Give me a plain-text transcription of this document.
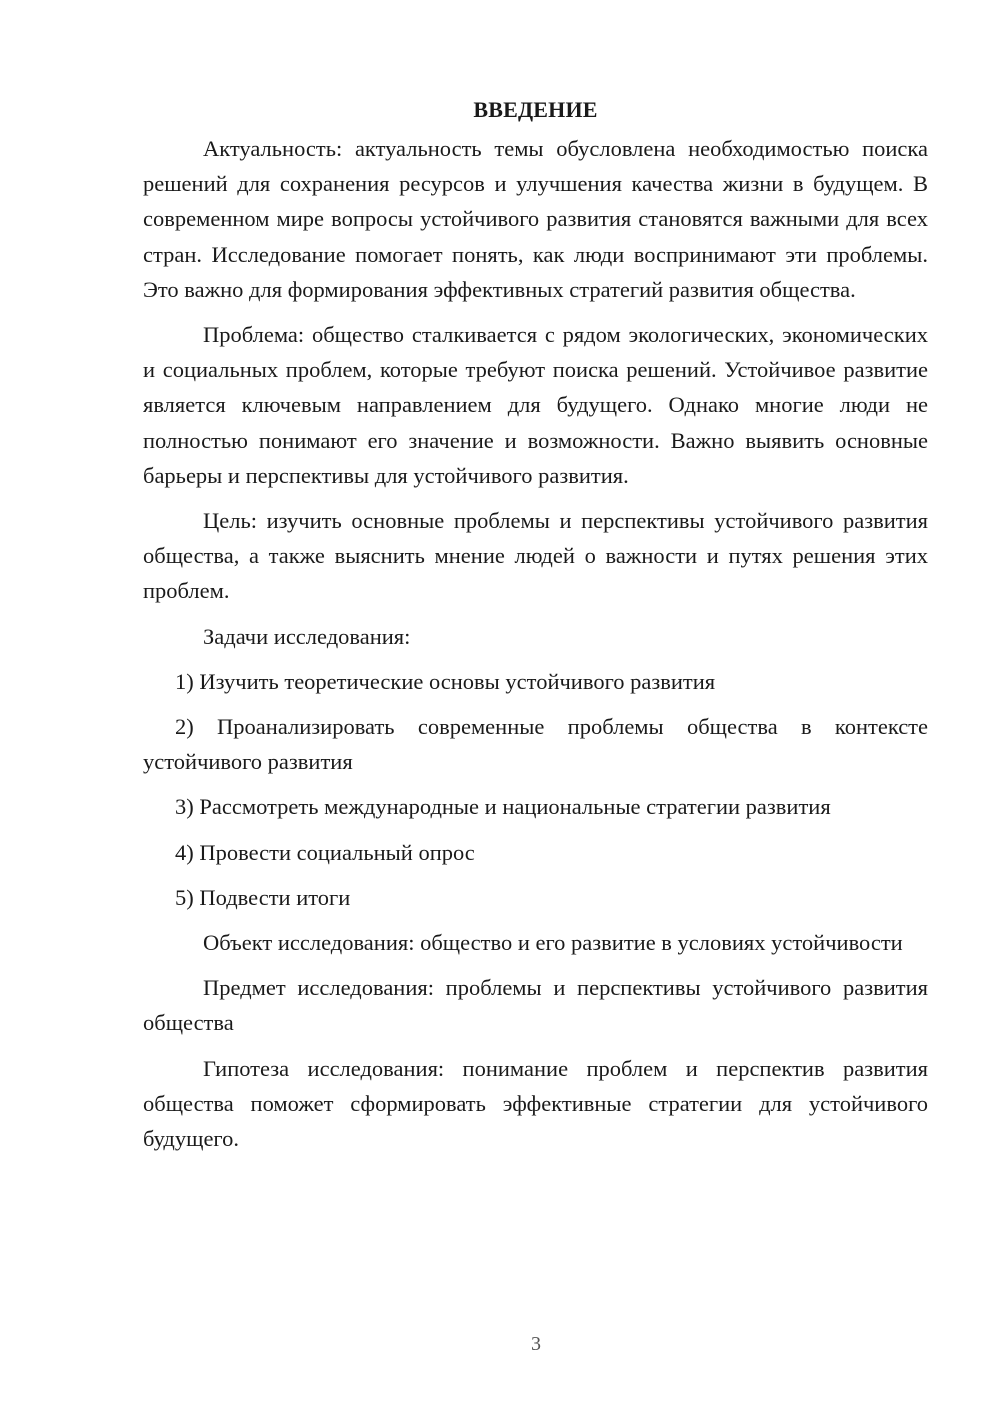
ВВЕДЕНИЕ

Актуальность: актуальность темы обусловлена необходимостью поиска решений для сохранения ресурсов и улучшения качества жизни в будущем. В современном мире вопросы устойчивого развития становятся важными для всех стран. Исследование помогает понять, как люди воспринимают эти проблемы. Это важно для формирования эффективных стратегий развития общества.

Проблема: общество сталкивается с рядом экологических, экономических и социальных проблем, которые требуют поиска решений. Устойчивое развитие является ключевым направлением для будущего. Однако многие люди не полностью понимают его значение и возможности. Важно выявить основные барьеры и перспективы для устойчивого развития.

Цель: изучить основные проблемы и перспективы устойчивого развития общества, а также выяснить мнение людей о важности и путях решения этих проблем.

Задачи исследования:

1) Изучить теоретические основы устойчивого развития

2) Проанализировать современные проблемы общества в контексте устойчивого развития

3) Рассмотреть международные и национальные стратегии развития

4) Провести социальный опрос

5) Подвести итоги

Объект исследования: общество и его развитие в условиях устойчивости

Предмет исследования: проблемы и перспективы устойчивого развития общества

Гипотеза исследования: понимание проблем и перспектив развития общества поможет сформировать эффективные стратегии для устойчивого будущего.

3
